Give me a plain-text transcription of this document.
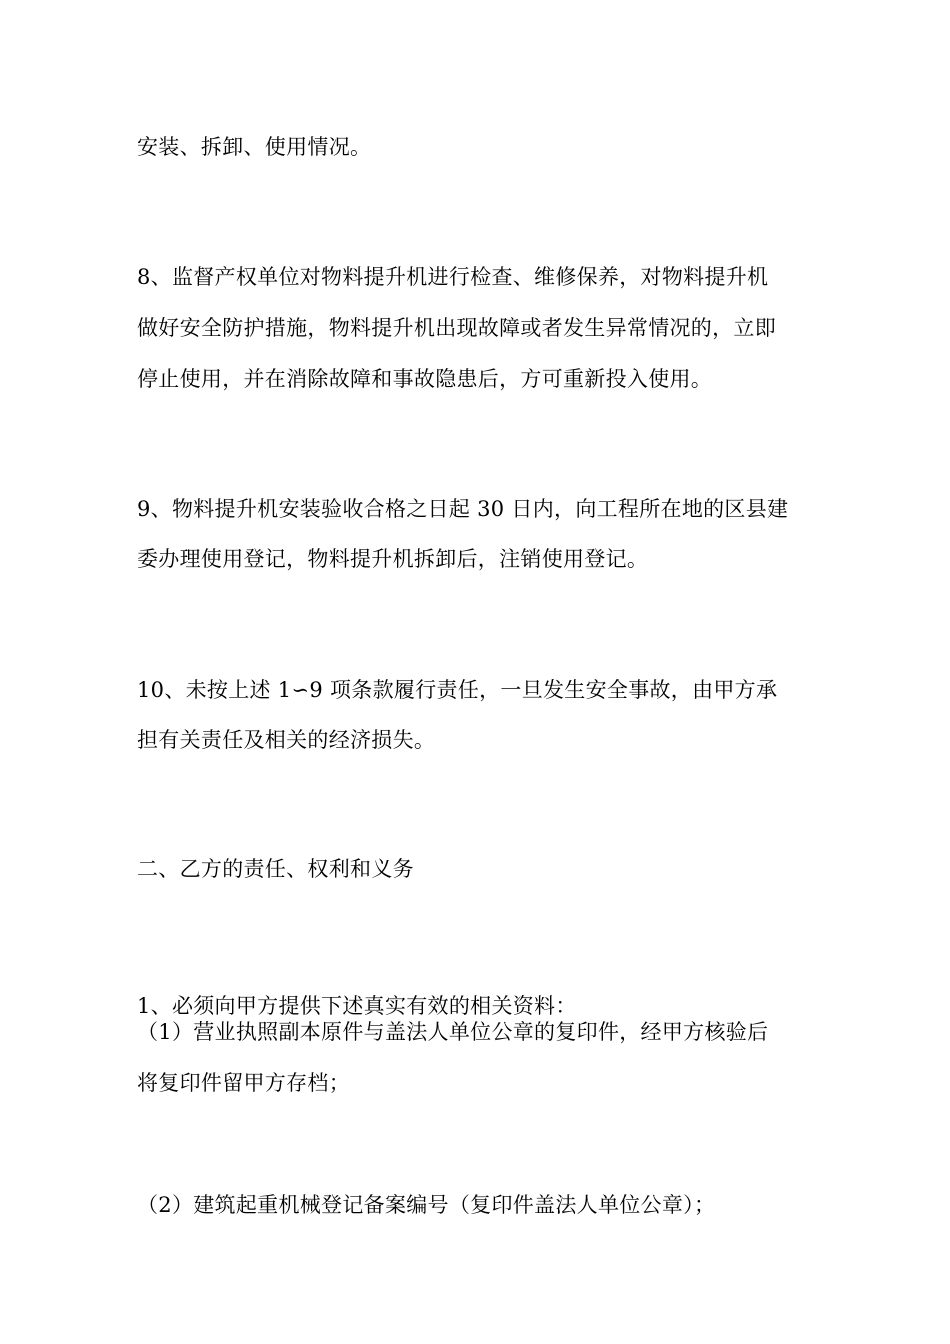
安装、拆卸、使用情况。
8、监督产权单位对物料提升机进行检查、维修保养，对物料提升机
做好安全防护措施，物料提升机出现故障或者发生异常情况的，立即
停止使用，并在消除故障和事故隐患后，方可重新投入使用。
9、物料提升机安装验收合格之日起 30 日内，向工程所在地的区县建
委办理使用登记，物料提升机拆卸后，注销使用登记。
10、未按上述 1∽9 项条款履行责任，一旦发生安全事故，由甲方承
担有关责任及相关的经济损失。
二、乙方的责任、权利和义务
1、必须向甲方提供下述真实有效的相关资料：
（1）营业执照副本原件与盖法人单位公章的复印件，经甲方核验后
将复印件留甲方存档；
（2）建筑起重机械登记备案编号（复印件盖法人单位公章）；
